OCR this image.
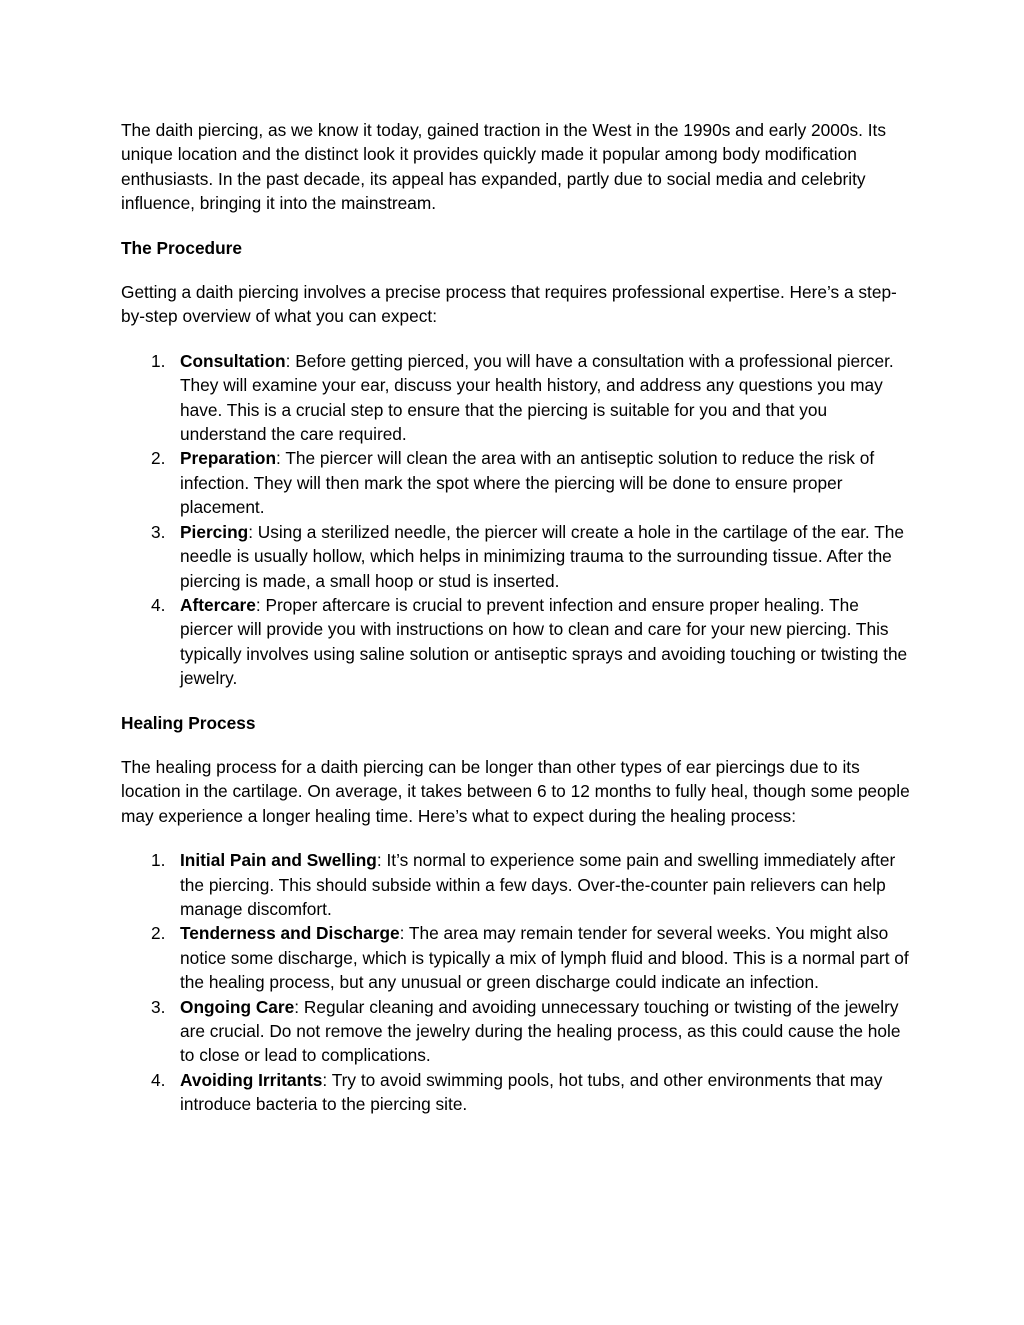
The daith piercing, as we know it today, gained traction in the West in the 1990s and early 2000s. Its unique location and the distinct look it provides quickly made it popular among body modification enthusiasts. In the past decade, its appeal has expanded, partly due to social media and celebrity influence, bringing it into the mainstream.

The Procedure

Getting a daith piercing involves a precise process that requires professional expertise. Here’s a step-by-step overview of what you can expect:

1. Consultation: Before getting pierced, you will have a consultation with a professional piercer. They will examine your ear, discuss your health history, and address any questions you may have. This is a crucial step to ensure that the piercing is suitable for you and that you understand the care required.
2. Preparation: The piercer will clean the area with an antiseptic solution to reduce the risk of infection. They will then mark the spot where the piercing will be done to ensure proper placement.
3. Piercing: Using a sterilized needle, the piercer will create a hole in the cartilage of the ear. The needle is usually hollow, which helps in minimizing trauma to the surrounding tissue. After the piercing is made, a small hoop or stud is inserted.
4. Aftercare: Proper aftercare is crucial to prevent infection and ensure proper healing. The piercer will provide you with instructions on how to clean and care for your new piercing. This typically involves using saline solution or antiseptic sprays and avoiding touching or twisting the jewelry.

Healing Process

The healing process for a daith piercing can be longer than other types of ear piercings due to its location in the cartilage. On average, it takes between 6 to 12 months to fully heal, though some people may experience a longer healing time. Here’s what to expect during the healing process:

1. Initial Pain and Swelling: It’s normal to experience some pain and swelling immediately after the piercing. This should subside within a few days. Over-the-counter pain relievers can help manage discomfort.
2. Tenderness and Discharge: The area may remain tender for several weeks. You might also notice some discharge, which is typically a mix of lymph fluid and blood. This is a normal part of the healing process, but any unusual or green discharge could indicate an infection.
3. Ongoing Care: Regular cleaning and avoiding unnecessary touching or twisting of the jewelry are crucial. Do not remove the jewelry during the healing process, as this could cause the hole to close or lead to complications.
4. Avoiding Irritants: Try to avoid swimming pools, hot tubs, and other environments that may introduce bacteria to the piercing site.
